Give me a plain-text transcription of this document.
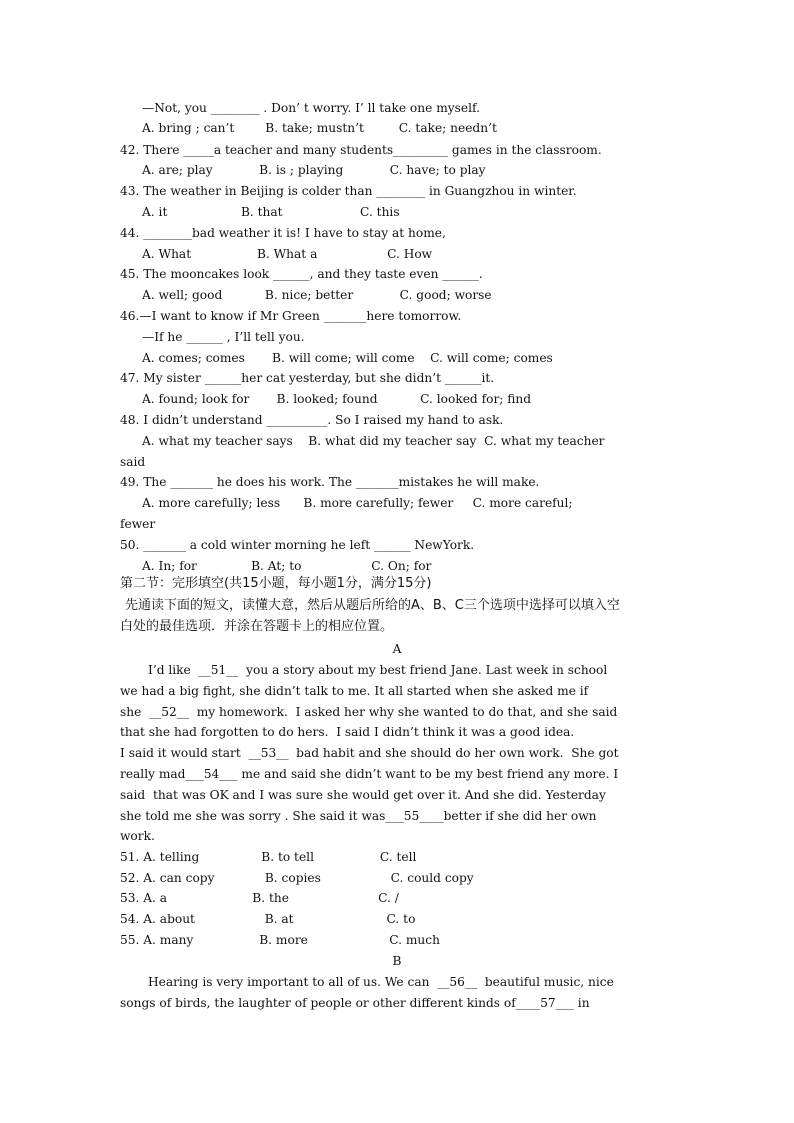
—Not, you ________ . Don’ t worry. I’ ll take one myself.
A. bring ; can’t        B. take; mustn’t         C. take; needn’t
42. There _____a teacher and many students_________ games in the classroom.
A. are; play            B. is ; playing            C. have; to play
43. The weather in Beijing is colder than ________ in Guangzhou in winter.
A. it                   B. that                    C. this
44. ________bad weather it is! I have to stay at home,
A. What                 B. What a                  C. How
45. The mooncakes look ______, and they taste even ______.
A. well; good           B. nice; better            C. good; worse
46.—I want to know if Mr Green _______here tomorrow.
—If he ______ , I’ll tell you.
A. comes; comes       B. will come; will come    C. will come; comes
47. My sister ______her cat yesterday, but she didn’t ______it.
A. found; look for       B. looked; found           C. looked for; find
48. I didn’t understand __________. So I raised my hand to ask.
A. what my teacher says    B. what did my teacher say  C. what my teacher
said
49. The _______ he does his work. The _______mistakes he will make.
A. more carefully; less      B. more carefully; fewer     C. more careful;
fewer
50. _______ a cold winter morning he left ______ NewYork.
A. In; for              B. At; to                  C. On; for
第二节：完形填空(共15小题，每小题1分，满分15分)
先通读下面的短文，读懂大意，然后从题后所给的A、B、C三个选项中选择可以填入空
白处的最佳选项．并涂在答题卡上的相应位置。
A
I’d like  __51__  you a story about my best friend Jane. Last week in school
we had a big fight, she didn’t talk to me. It all started when she asked me if
she  __52__  my homework.  I asked her why she wanted to do that, and she said
that she had forgotten to do hers.  I said I didn’t think it was a good idea.
I said it would start  __53__  bad habit and she should do her own work.  She got
really mad___54___ me and said she didn’t want to be my best friend any more. I
said  that was OK and I was sure she would get over it. And she did. Yesterday
she told me she was sorry . She said it was___55____better if she did her own
work.
51. A. telling                B. to tell                 C. tell
52. A. can copy             B. copies                  C. could copy
53. A. a                      B. the                       C. /
54. A. about                  B. at                        C. to
55. A. many                 B. more                     C. much
B
Hearing is very important to all of us. We can  __56__  beautiful music, nice
songs of birds, the laughter of people or other different kinds of____57___ in
